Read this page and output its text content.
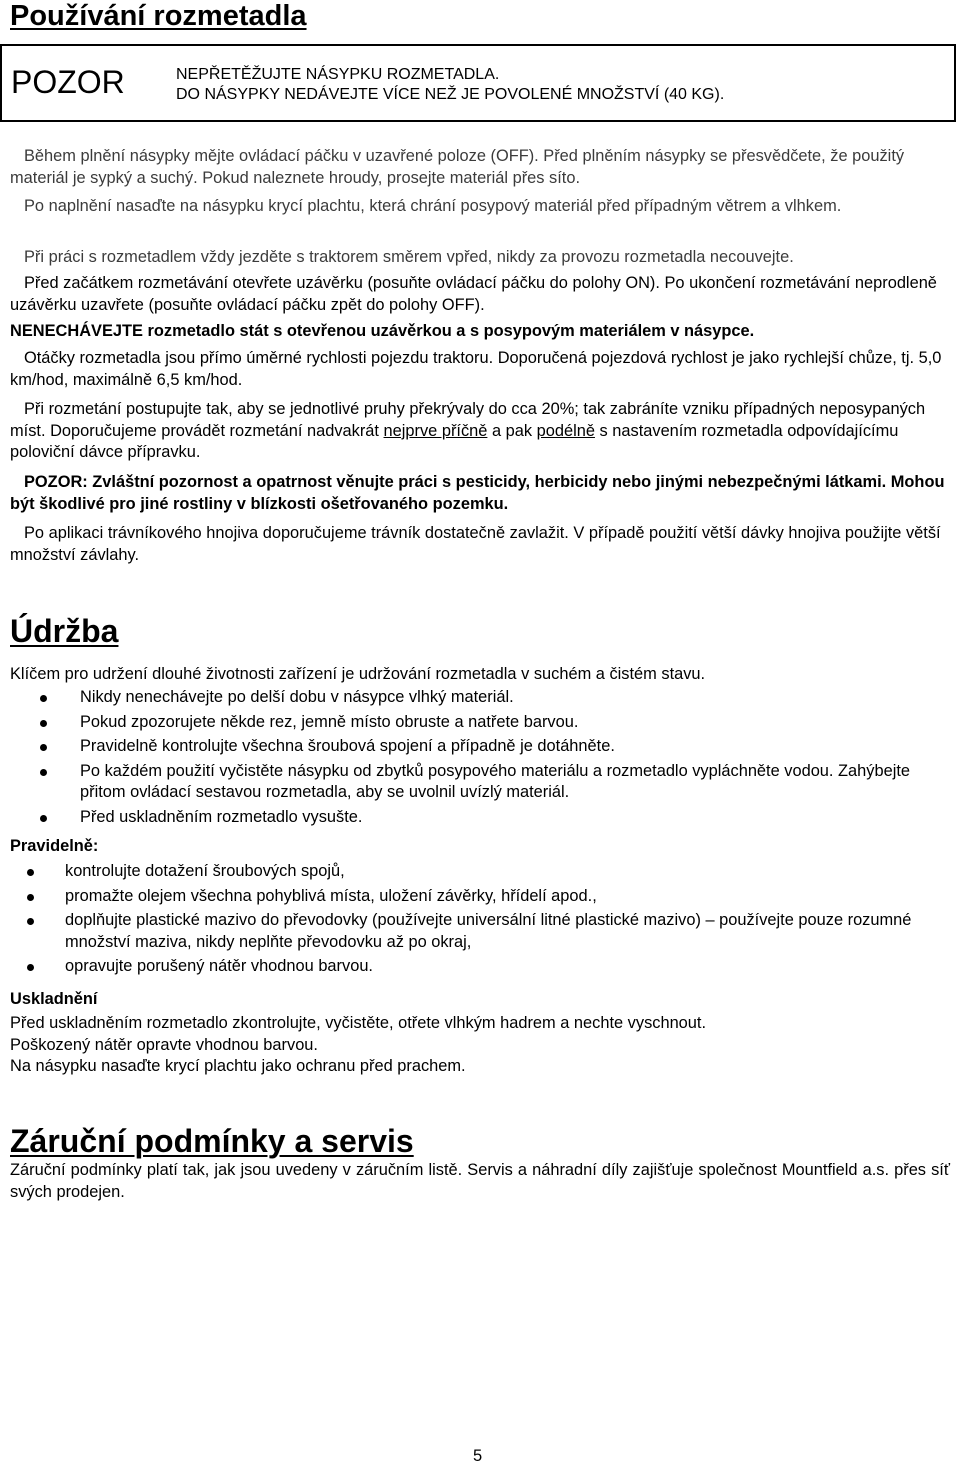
Používání rozmetadla
POZOR	NEPŘETĚŽUJTE NÁSYPKU ROZMETADLA.
DO NÁSYPKY NEDÁVEJTE VÍCE NEŽ JE POVOLENÉ MNOŽSTVÍ (40 KG).

Během plnění násypky mějte ovládací páčku v uzavřené poloze (OFF). Před plněním násypky se přesvědčete, že použitý materiál je sypký a suchý. Pokud naleznete hroudy, prosejte materiál přes síto.

Po naplnění nasaďte na násypku krycí plachtu, která chrání posypový materiál před případným větrem a vlhkem.

Při práci s rozmetadlem vždy jezděte s traktorem směrem vpřed, nikdy za provozu rozmetadla necouvejte.

Před začátkem rozmetávání otevřete uzávěrku (posuňte ovládací páčku do polohy ON). Po ukončení rozmetávání neprodleně uzávěrku uzavřete (posuňte ovládací páčku zpět do polohy OFF).

NENECHÁVEJTE rozmetadlo stát s otevřenou uzávěrkou a s posypovým materiálem v násypce.

Otáčky rozmetadla jsou přímo úměrné rychlosti pojezdu traktoru. Doporučená pojezdová rychlost je jako rychlejší chůze, tj. 5,0 km/hod, maximálně 6,5 km/hod.

Při rozmetání postupujte tak, aby se jednotlivé pruhy překrývaly do cca 20%; tak zabráníte vzniku případných neposypaných míst. Doporučujeme provádět rozmetání nadvakrát nejprve příčně a pak podélně s nastavením rozmetadla odpovídajícímu poloviční dávce přípravku.

POZOR: Zvláštní pozornost a opatrnost věnujte práci s pesticidy, herbicidy nebo jinými nebezpečnými látkami. Mohou být škodlivé pro jiné rostliny v blízkosti ošetřovaného pozemku.

Po aplikaci trávníkového hnojiva doporučujeme trávník dostatečně zavlažit. V případě použití větší dávky hnojiva použijte větší množství závlahy.

Údržba

Klíčem pro udržení dlouhé životnosti zařízení je udržování rozmetadla v suchém a čistém stavu.

Nikdy nenechávejte po delší dobu v násypce vlhký materiál.
Pokud zpozorujete někde rez, jemně místo obruste a natřete barvou.
Pravidelně kontrolujte všechna šroubová spojení a případně je dotáhněte.
Po každém použití vyčistěte násypku od zbytků posypového materiálu a rozmetadlo vypláchněte vodou. Zahýbejte přitom ovládací sestavou rozmetadla, aby se uvolnil uvízlý materiál.
Před uskladněním rozmetadlo vysušte.
Pravidelně:
kontrolujte dotažení šroubových spojů,
promažte olejem všechna pohyblivá místa, uložení závěrky, hřídelí apod.,
doplňujte plastické mazivo do převodovky (používejte universální litné plastické mazivo) – používejte pouze rozumné množství maziva, nikdy neplňte převodovku až po okraj,
opravujte porušený nátěr vhodnou barvou.
Uskladnění

Před uskladněním rozmetadlo zkontrolujte, vyčistěte, otřete vlhkým hadrem a nechte vyschnout.

Poškozený nátěr opravte vhodnou barvou.

Na násypku nasaďte krycí plachtu jako ochranu před prachem.

Záruční podmínky a servis

Záruční podmínky platí tak, jak jsou uvedeny v záručním listě. Servis a náhradní díly zajišťuje společnost Mountfield a.s. přes síť svých prodejen.

5
